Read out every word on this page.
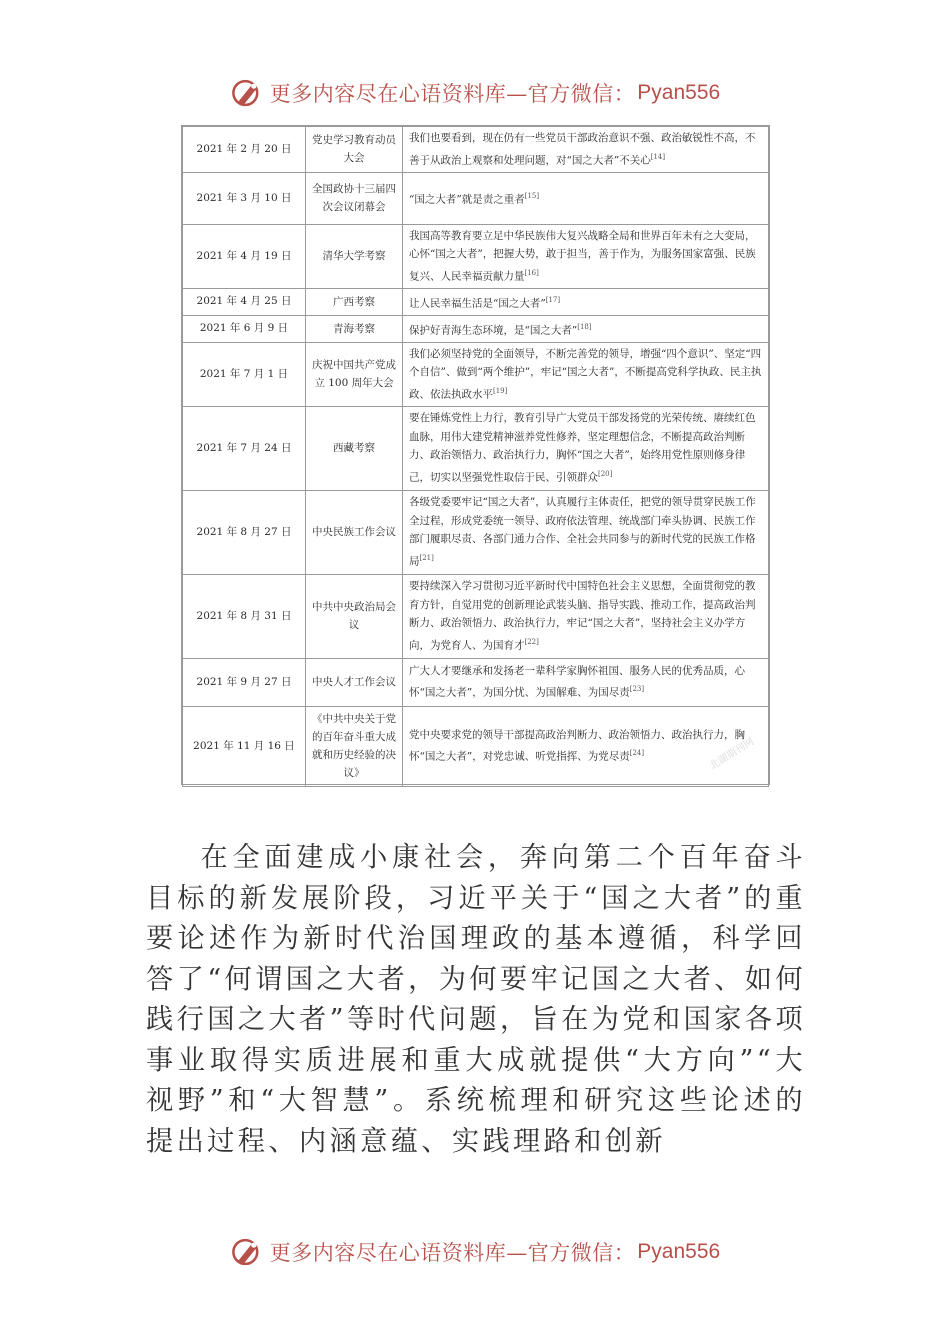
更多内容尽在心语资料库—官方微信： Pyan556
2021 年 2 月 20 日	党史学习教育动员大会	我们也要看到，现在仍有一些党员干部政治意识不强、政治敏锐性不高，不善于从政治上观察和处理问题，对“国之大者”不关心[14]
2021 年 3 月 10 日	全国政协十三届四次会议闭幕会	“国之大者”就是责之重者[15]
2021 年 4 月 19 日	清华大学考察	我国高等教育要立足中华民族伟大复兴战略全局和世界百年未有之大变局，心怀“国之大者”，把握大势，敢于担当，善于作为，为服务国家富强、民族复兴、人民幸福贡献力量[16]
2021 年 4 月 25 日	广西考察	让人民幸福生活是“国之大者”[17]
2021 年 6 月 9 日	青海考察	保护好青海生态环境，是“国之大者”[18]
2021 年 7 月 1 日	庆祝中国共产党成立 100 周年大会	我们必须坚持党的全面领导，不断完善党的领导，增强“四个意识”、坚定“四个自信”、做到“两个维护”，牢记“国之大者”，不断提高党科学执政、民主执政、依法执政水平[19]
2021 年 7 月 24 日	西藏考察	要在锤炼党性上力行，教育引导广大党员干部发扬党的光荣传统、赓续红色血脉，用伟大建党精神滋养党性修养，坚定理想信念，不断提高政治判断力、政治领悟力、政治执行力，胸怀“国之大者”，始终用党性原则修身律己，切实以坚强党性取信于民、引领群众[20]
2021 年 8 月 27 日	中央民族工作会议	各级党委要牢记“国之大者”，认真履行主体责任，把党的领导贯穿民族工作全过程，形成党委统一领导、政府依法管理、统战部门牵头协调、民族工作部门履职尽责、各部门通力合作、全社会共同参与的新时代党的民族工作格局[21]
2021 年 8 月 31 日	中共中央政治局会议	要持续深入学习贯彻习近平新时代中国特色社会主义思想，全面贯彻党的教育方针，自觉用党的创新理论武装头脑、指导实践、推动工作，提高政治判断力、政治领悟力、政治执行力，牢记“国之大者”，坚持社会主义办学方向，为党育人、为国育才[22]
2021 年 9 月 27 日	中央人才工作会议	广大人才要继承和发扬老一辈科学家胸怀祖国、服务人民的优秀品质，心怀“国之大者”，为国分忧、为国解难、为国尽责[23]
2021 年 11 月 16 日	《中共中央关于党的百年奋斗重大成就和历史经验的决议》	党中央要求党的领导干部提高政治判断力、政治领悟力、政治执行力，胸怀“国之大者”，对党忠诚、听党指挥、为党尽责[24]	北湖期刊网

在全面建成小康社会，奔向第二个百年奋斗目标的新发展阶段，习近平关于“国之大者”的重要论述作为新时代治国理政的基本遵循，科学回答了“何谓国之大者，为何要牢记国之大者、如何践行国之大者”等时代问题，旨在为党和国家各项事业取得实质进展和重大成就提供“大方向”“大视野”和“大智慧”。系统梳理和研究这些论述的提出过程、内涵意蕴、实践理路和创新

更多内容尽在心语资料库—官方微信： Pyan556
